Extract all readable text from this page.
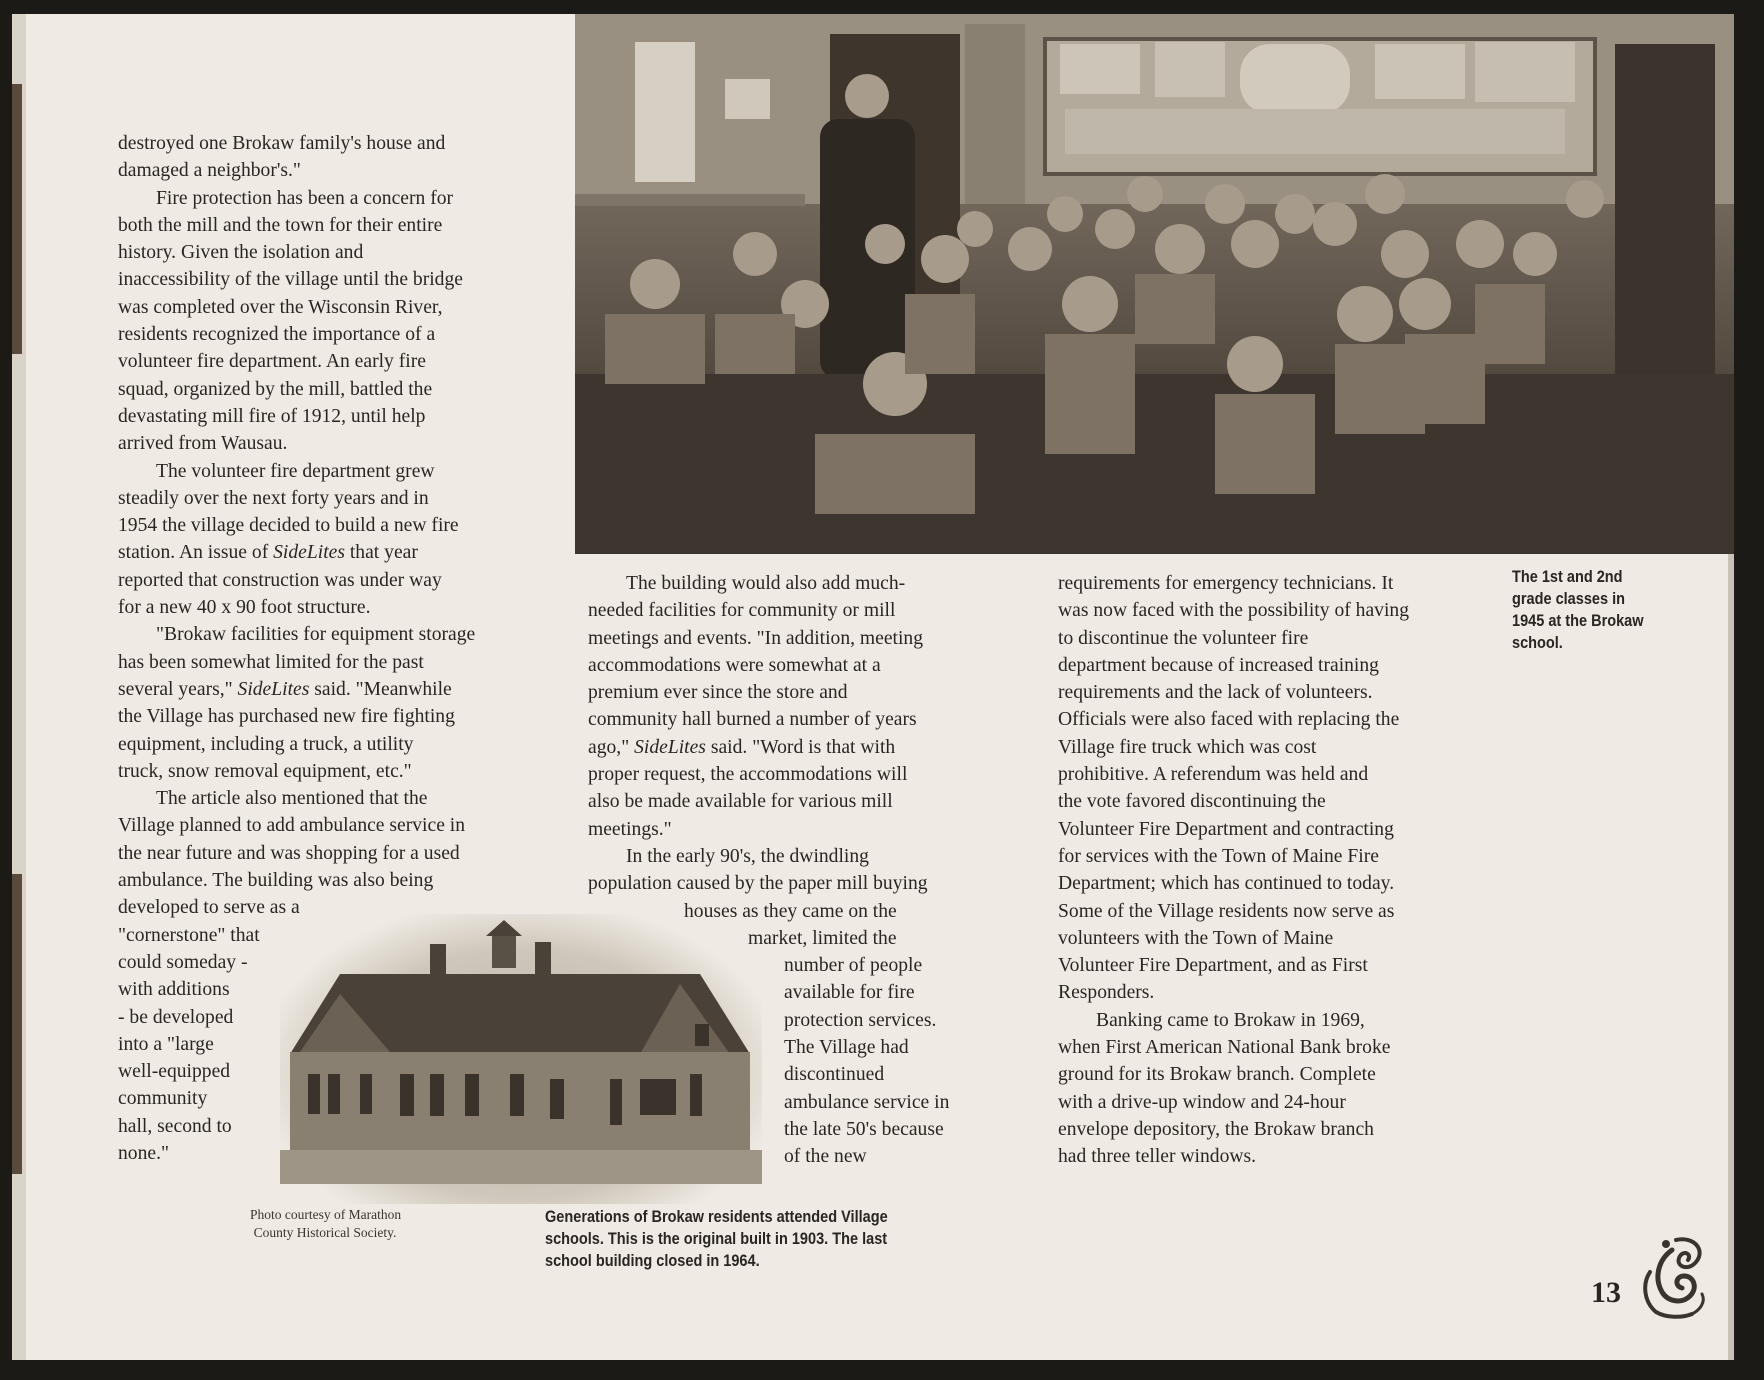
destroyed one Brokaw family's house and
damaged a neighbor's."
Fire protection has been a concern for
both the mill and the town for their entire
history. Given the isolation and
inaccessibility of the village until the bridge
was completed over the Wisconsin River,
residents recognized the importance of a
volunteer fire department. An early fire
squad, organized by the mill, battled the
devastating mill fire of 1912, until help
arrived from Wausau.
The volunteer fire department grew
steadily over the next forty years and in
1954 the village decided to build a new fire
station. An issue of SideLites that year
reported that construction was under way
for a new 40 x 90 foot structure.
"Brokaw facilities for equipment storage
has been somewhat limited for the past
several years," SideLites said. "Meanwhile
the Village has purchased new fire fighting
equipment, including a truck, a utility
truck, snow removal equipment, etc."
The article also mentioned that the
Village planned to add ambulance service in
the near future and was shopping for a used
ambulance. The building was also being
developed to serve as a
"cornerstone" that
could someday -
with additions
- be developed
into a "large
well-equipped
community
hall, second to
none."
The building would also add much-
needed facilities for community or mill
meetings and events. "In addition, meeting
accommodations were somewhat at a
premium ever since the store and
community hall burned a number of years
ago," SideLites said. "Word is that with
proper request, the accommodations will
also be made available for various mill
meetings."
In the early 90's, the dwindling
population caused by the paper mill buying
houses as they came on the
market, limited the
number of people
available for fire
protection services.
The Village had
discontinued
ambulance service in
the late 50's because
of the new
requirements for emergency technicians. It
was now faced with the possibility of having
to discontinue the volunteer fire
department because of increased training
requirements and the lack of volunteers.
Officials were also faced with replacing the
Village fire truck which was cost
prohibitive. A referendum was held and
the vote favored discontinuing the
Volunteer Fire Department and contracting
for services with the Town of Maine Fire
Department; which has continued to today.
Some of the Village residents now serve as
volunteers with the Town of Maine
Volunteer Fire Department, and as First
Responders.
Banking came to Brokaw in 1969,
when First American National Bank broke
ground for its Brokaw branch. Complete
with a drive-up window and 24-hour
envelope depository, the Brokaw branch
had three teller windows.
The 1st and 2nd
grade classes in
1945 at the Brokaw
school.
Generations of Brokaw residents attended Village
schools. This is the original built in 1903. The last
school building closed in 1964.
Photo courtesy of Marathon
County Historical Society.
13
